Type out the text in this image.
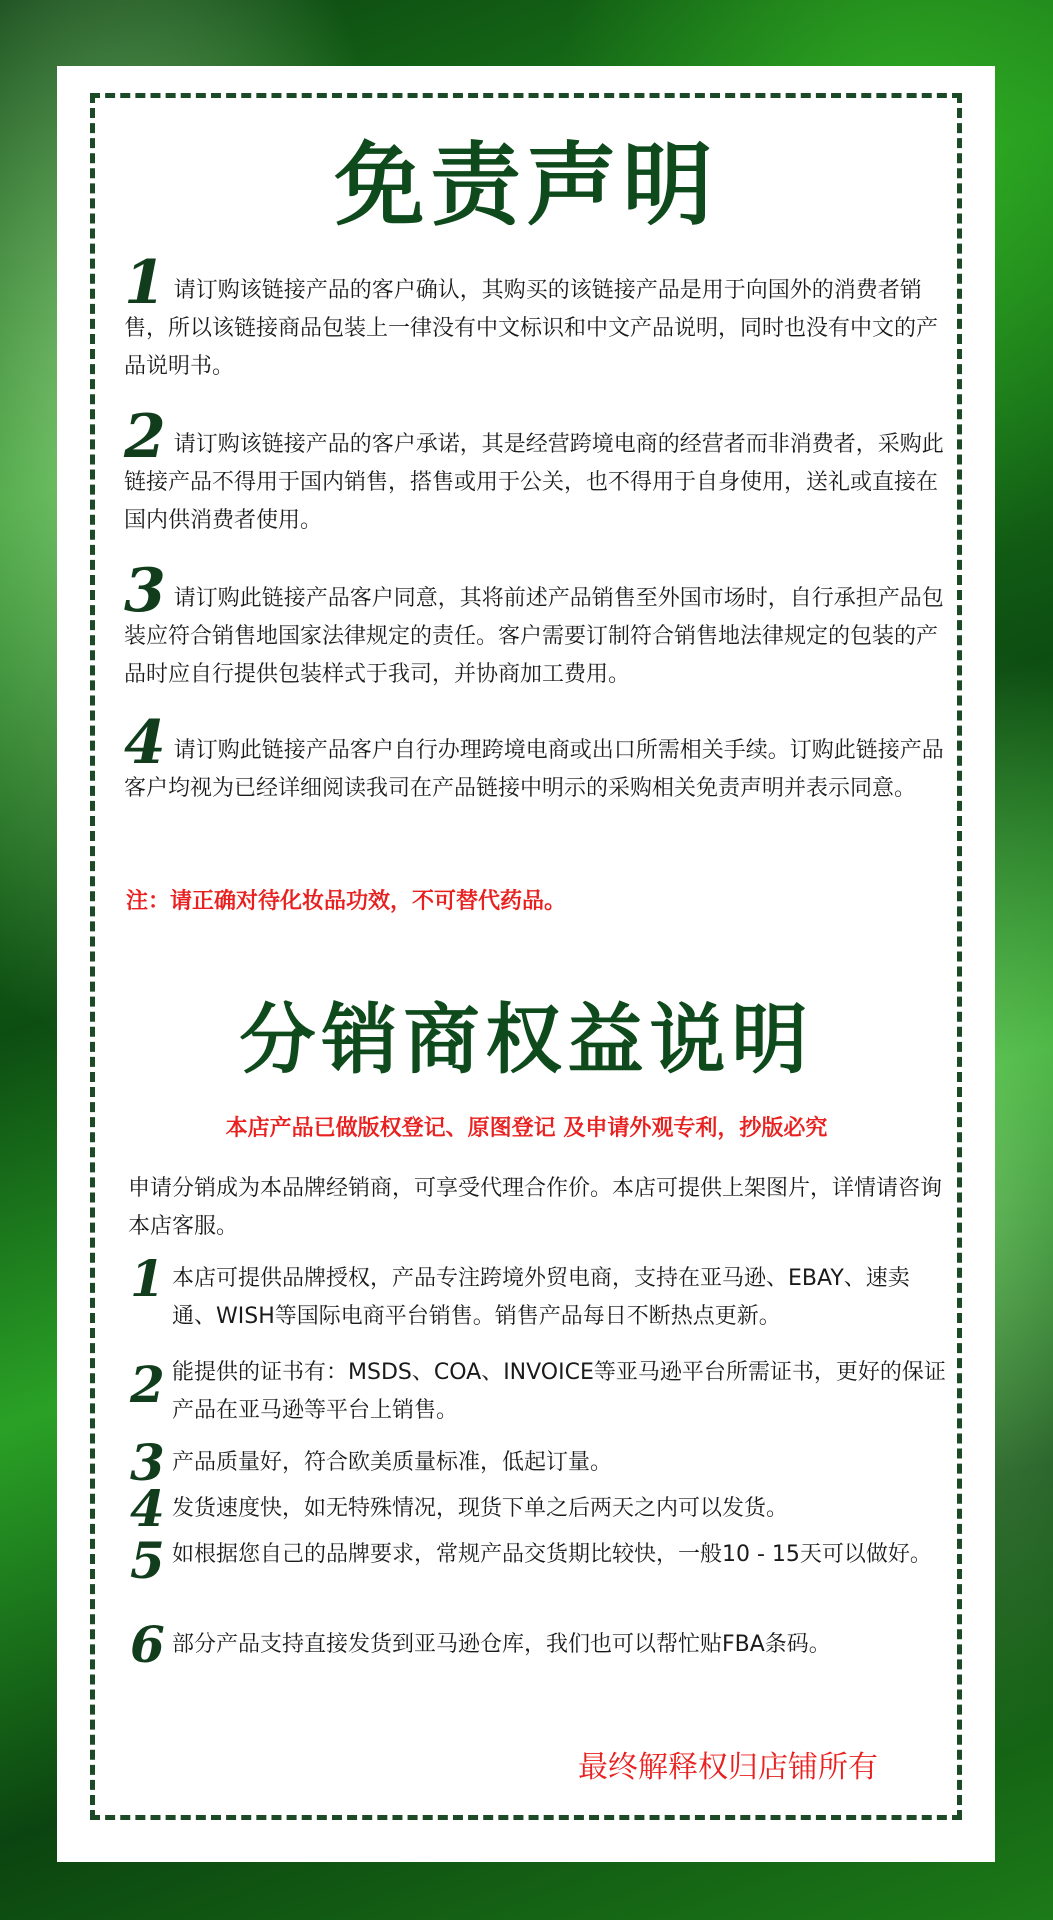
免责声明
1 请订购该链接产品的客户确认，其购买的该链接产品是用于向国外的消费者销售，所以该链接商品包装上一律没有中文标识和中文产品说明，同时也没有中文的产品说明书。
2 请订购该链接产品的客户承诺，其是经营跨境电商的经营者而非消费者，采购此链接产品不得用于国内销售，搭售或用于公关，也不得用于自身使用，送礼或直接在国内供消费者使用。
3 请订购此链接产品客户同意，其将前述产品销售至外国市场时，自行承担产品包装应符合销售地国家法律规定的责任。客户需要订制符合销售地法律规定的包装的产品时应自行提供包装样式于我司，并协商加工费用。
4 请订购此链接产品客户自行办理跨境电商或出口所需相关手续。订购此链接产品客户均视为已经详细阅读我司在产品链接中明示的采购相关免责声明并表示同意。
注：请正确对待化妆品功效，不可替代药品。
分销商权益说明
本店产品已做版权登记、原图登记 及申请外观专利，抄版必究
申请分销成为本品牌经销商，可享受代理合作价。本店可提供上架图片，详情请咨询本店客服。
1 本店可提供品牌授权，产品专注跨境外贸电商，支持在亚马逊、EBAY、速卖通、WISH等国际电商平台销售。销售产品每日不断热点更新。
2 能提供的证书有：MSDS、COA、INVOICE等亚马逊平台所需证书，更好的保证产品在亚马逊等平台上销售。
3 产品质量好，符合欧美质量标准，低起订量。
4 发货速度快，如无特殊情况，现货下单之后两天之内可以发货。
5 如根据您自己的品牌要求，常规产品交货期比较快，一般10 - 15天可以做好。
6 部分产品支持直接发货到亚马逊仓库，我们也可以帮忙贴FBA条码。
最终解释权归店铺所有
